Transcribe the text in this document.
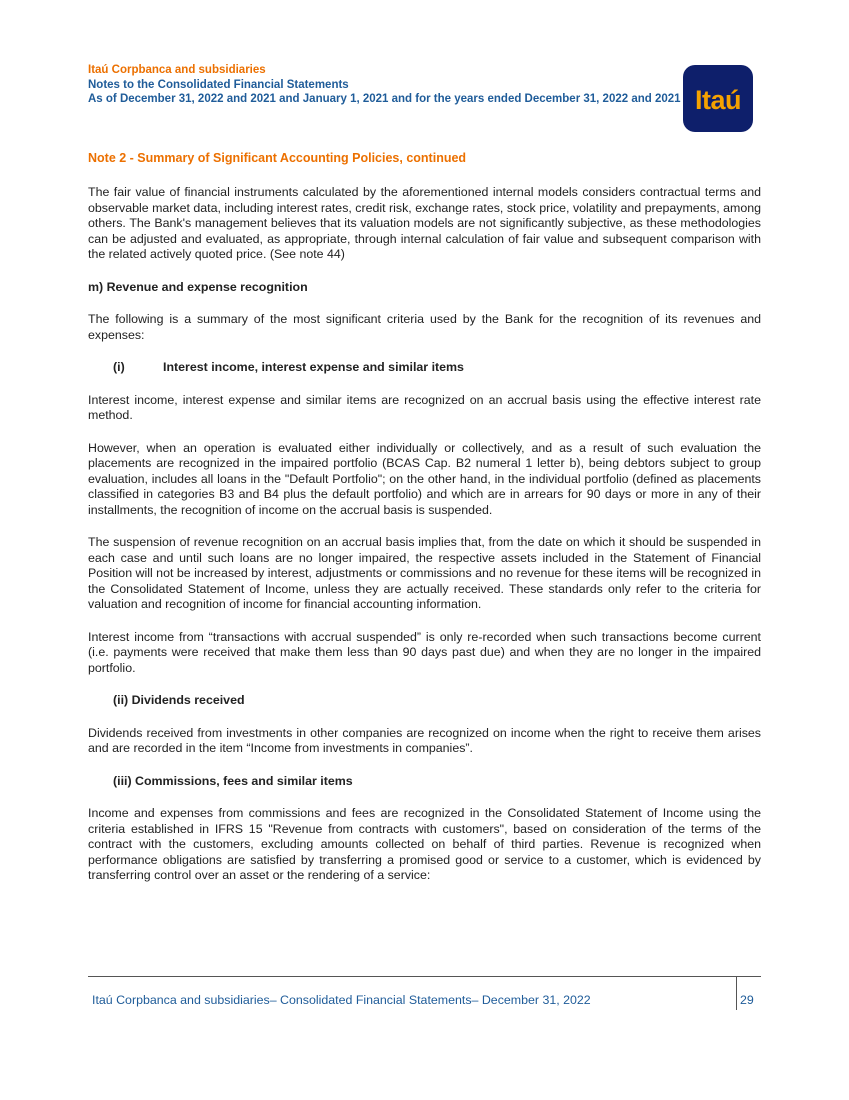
Itaú Corpbanca and subsidiaries
Notes to the Consolidated Financial Statements
As of December 31, 2022 and 2021 and January 1, 2021 and for the years ended December 31, 2022 and 2021 Itaú
Note 2 - Summary of Significant Accounting Policies, continued

The fair value of financial instruments calculated by the aforementioned internal models considers contractual terms and observable market data, including interest rates, credit risk, exchange rates, stock price, volatility and prepayments, among others. The Bank's management believes that its valuation models are not significantly subjective, as these methodologies can be adjusted and evaluated, as appropriate, through internal calculation of fair value and subsequent comparison with the related actively quoted price. (See note 44)

m) Revenue and expense recognition

The following is a summary of the most significant criteria used by the Bank for the recognition of its revenues and expenses:

(i)	Interest income, interest expense and similar items

Interest income, interest expense and similar items are recognized on an accrual basis using the effective interest rate method.

However, when an operation is evaluated either individually or collectively, and as a result of such evaluation the placements are recognized in the impaired portfolio (BCAS Cap. B2 numeral 1 letter b), being debtors subject to group evaluation, includes all loans in the "Default Portfolio"; on the other hand, in the individual portfolio (defined as placements classified in categories B3 and B4 plus the default portfolio) and which are in arrears for 90 days or more in any of their installments, the recognition of income on the accrual basis is suspended.

The suspension of revenue recognition on an accrual basis implies that, from the date on which it should be suspended in each case and until such loans are no longer impaired, the respective assets included in the Statement of Financial Position will not be increased by interest, adjustments or commissions and no revenue for these items will be recognized in the Consolidated Statement of Income, unless they are actually received. These standards only refer to the criteria for valuation and recognition of income for financial accounting information.

Interest income from “transactions with accrual suspended” is only re-recorded when such transactions become current (i.e. payments were received that make them less than 90 days past due) and when they are no longer in the impaired portfolio.

(ii) Dividends received

Dividends received from investments in other companies are recognized on income when the right to receive them arises and are recorded in the item “Income from investments in companies”.

(iii) Commissions, fees and similar items

Income and expenses from commissions and fees are recognized in the Consolidated Statement of Income using the criteria established in IFRS 15 "Revenue from contracts with customers", based on consideration of the terms of the contract with the customers, excluding amounts collected on behalf of third parties. Revenue is recognized when performance obligations are satisfied by transferring a promised good or service to a customer, which is evidenced by transferring control over an asset or the rendering of a service:

Itaú Corpbanca and subsidiaries– Consolidated Financial Statements– December 31, 2022	29
